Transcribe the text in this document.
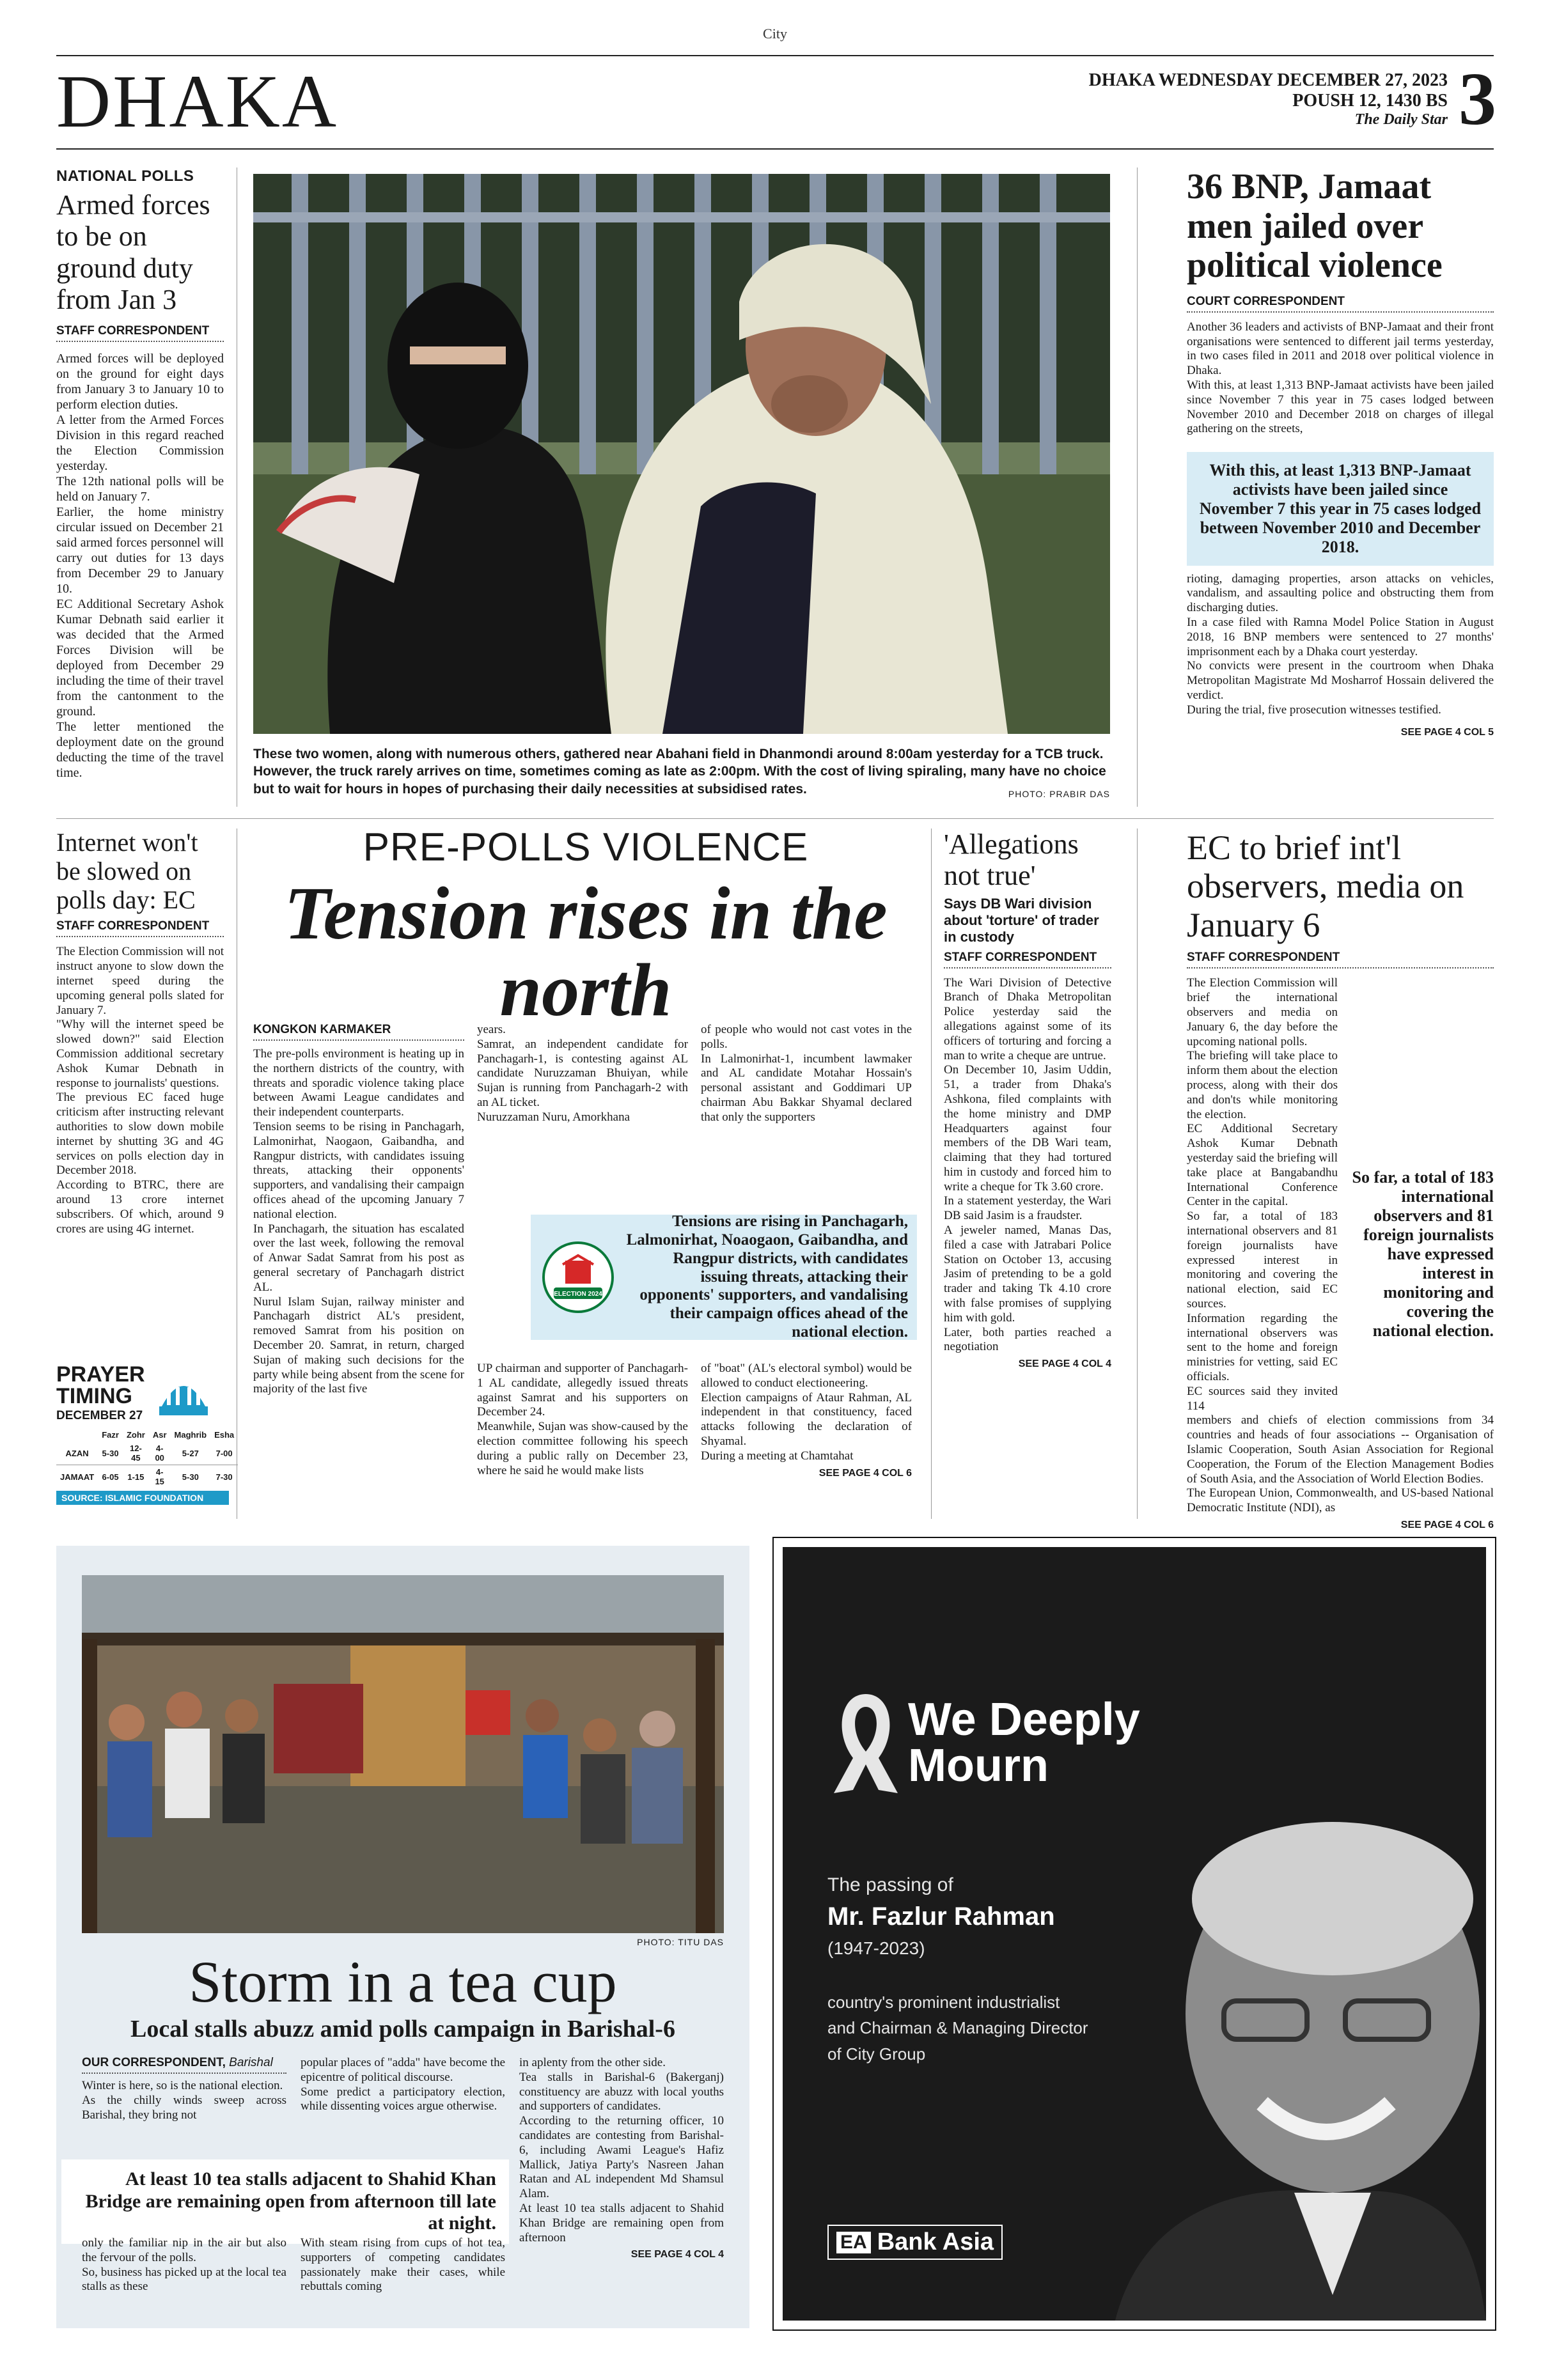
City
DHAKA	DHAKA WEDNESDAY DECEMBER 27, 2023
POUSH 12, 1430 BS
The Daily Star 3
NATIONAL POLLS
Armed forces to be on ground duty from Jan 3
STAFF CORRESPONDENT
Armed forces will be deployed on the ground for eight days from January 3 to January 10 to perform election duties.
A letter from the Armed Forces Division in this regard reached the Election Commission yesterday.
The 12th national polls will be held on January 7.
Earlier, the home ministry circular issued on December 21 said armed forces personnel will carry out duties for 13 days from December 29 to January 10.
EC Additional Secretary Ashok Kumar Debnath said earlier it was decided that the Armed Forces Division will be deployed from December 29 including the time of their travel from the cantonment to the ground.
The letter mentioned the deployment date on the ground deducting the time of the travel time.
These two women, along with numerous others, gathered near Abahani field in Dhanmondi around 8:00am yesterday for a TCB truck. However, the truck rarely arrives on time, sometimes coming as late as 2:00pm. With the cost of living spiraling, many have no choice but to wait for hours in hopes of purchasing their daily necessities at subsidised rates.	PHOTO: PRABIR DAS
36 BNP, Jamaat men jailed over political violence
COURT CORRESPONDENT
Another 36 leaders and activists of BNP-Jamaat and their front organisations were sentenced to different jail terms yesterday, in two cases filed in 2011 and 2018 over political violence in Dhaka.
With this, at least 1,313 BNP-Jamaat activists have been jailed since November 7 this year in 75 cases lodged between November 2010 and December 2018 on charges of illegal gathering on the streets,
With this, at least 1,313 BNP-Jamaat activists have been jailed since November 7 this year in 75 cases lodged between November 2010 and December 2018.
rioting, damaging properties, arson attacks on vehicles, vandalism, and assaulting police and obstructing them from discharging duties.
In a case filed with Ramna Model Police Station in August 2018, 16 BNP members were sentenced to 27 months' imprisonment each by a Dhaka court yesterday.
No convicts were present in the courtroom when Dhaka Metropolitan Magistrate Md Mosharrof Hossain delivered the verdict.
During the trial, five prosecution witnesses testified.
SEE PAGE 4 COL 5
Internet won't be slowed on polls day: EC
STAFF CORRESPONDENT
The Election Commission will not instruct anyone to slow down the internet speed during the upcoming general polls slated for January 7.
"Why will the internet speed be slowed down?" said Election Commission additional secretary Ashok Kumar Debnath in response to journalists' questions.
The previous EC faced huge criticism after instructing relevant authorities to slow down mobile internet by shutting 3G and 4G services on polls election day in December 2018.
According to BTRC, there are around 13 crore internet subscribers. Of which, around 9 crores are using 4G internet.
PRAYER
TIMING
DECEMBER 27
	Fazr	Zohr	Asr	Maghrib	Esha
AZAN	5-30	12-45	4-00	5-27	7-00
JAMAAT	6-05	1-15	4-15	5-30	7-30
SOURCE: ISLAMIC FOUNDATION
PRE-POLLS VIOLENCE
Tension rises in the north
KONGKON KARMAKER
The pre-polls environment is heating up in the northern districts of the country, with threats and sporadic violence taking place between Awami League candidates and their independent counterparts.
Tension seems to be rising in Panchagarh, Lalmonirhat, Naogaon, Gaibandha, and Rangpur districts, with candidates issuing threats, attacking their opponents' supporters, and vandalising their campaign offices ahead of the upcoming January 7 national election.
In Panchagarh, the situation has escalated over the last week, following the removal of Anwar Sadat Samrat from his post as general secretary of Panchagarh district AL.
Nurul Islam Sujan, railway minister and Panchagarh district AL's president, removed Samrat from his position on December 20. Samrat, in return, charged Sujan of making such decisions for the party while being absent from the scene for majority of the last five
years.
Samrat, an independent candidate for Panchagarh-1, is contesting against AL candidate Nuruzzaman Bhuiyan, while Sujan is running from Panchagarh-2 with an AL ticket.
Nuruzzaman Nuru, Amorkhana
of people who would not cast votes in the polls.
In Lalmonirhat-1, incumbent lawmaker and AL candidate Motahar Hossain's personal assistant and Goddimari UP chairman Abu Bakkar Shyamal declared that only the supporters
ELECTION 2024
Tensions are rising in Panchagarh, Lalmonirhat, Noaogaon, Gaibandha, and Rangpur districts, with candidates issuing threats, attacking their opponents' supporters, and vandalising their campaign offices ahead of the national election.
UP chairman and supporter of Panchagarh-1 AL candidate, allegedly issued threats against Samrat and his supporters on December 24.
Meanwhile, Sujan was show-caused by the election committee following his speech during a public rally on December 23, where he said he would make lists
of "boat" (AL's electoral symbol) would be allowed to conduct electioneering.
Election campaigns of Ataur Rahman, AL independent in that constituency, faced attacks following the declaration of Shyamal.
During a meeting at Chamtahat
SEE PAGE 4 COL 6
'Allegations not true'
Says DB Wari division about 'torture' of trader in custody
STAFF CORRESPONDENT
The Wari Division of Detective Branch of Dhaka Metropolitan Police yesterday said the allegations against some of its officers of torturing and forcing a man to write a cheque are untrue.
On December 10, Jasim Uddin, 51, a trader from Dhaka's Ashkona, filed complaints with the home ministry and DMP Headquarters against four members of the DB Wari team, claiming that they had tortured him in custody and forced him to write a cheque for Tk 3.60 crore.
In a statement yesterday, the Wari DB said Jasim is a fraudster.
A jeweler named, Manas Das, filed a case with Jatrabari Police Station on October 13, accusing Jasim of pretending to be a gold trader and taking Tk 4.10 crore with false promises of supplying him with gold.
Later, both parties reached a negotiation
SEE PAGE 4 COL 4
EC to brief int'l observers, media on January 6
STAFF CORRESPONDENT
The Election Commission will brief the international observers and media on January 6, the day before the upcoming national polls.
The briefing will take place to inform them about the election process, along with their dos and don'ts while monitoring the election.
EC Additional Secretary Ashok Kumar Debnath yesterday said the briefing will take place at Bangabandhu International Conference Center in the capital.
So far, a total of 183 international observers and 81 foreign journalists have expressed interest in monitoring and covering the national election, said EC sources.
Information regarding the international observers was sent to the home and foreign ministries for vetting, said EC officials.
EC sources said they invited 114
So far, a total of 183 international observers and 81 foreign journalists have expressed interest in monitoring and covering the national election.
members and chiefs of election commissions from 34 countries and heads of four associations -- Organisation of Islamic Cooperation, South Asian Association for Regional Cooperation, the Forum of the Election Management Bodies of South Asia, and the Association of World Election Bodies.
The European Union, Commonwealth, and US-based National Democratic Institute (NDI), as
SEE PAGE 4 COL 6
PHOTO: TITU DAS
Storm in a tea cup
Local stalls abuzz amid polls campaign in Barishal-6
OUR CORRESPONDENT, Barishal
Winter is here, so is the national election.
As the chilly winds sweep across Barishal, they bring not
popular places of "adda" have become the epicentre of political discourse.
Some predict a participatory election, while dissenting voices argue otherwise.
in aplenty from the other side.
Tea stalls in Barishal-6 (Bakerganj) constituency are abuzz with local youths and supporters of candidates.
According to the returning officer, 10 candidates are contesting from Barishal-6, including Awami League's Hafiz Mallick, Jatiya Party's Nasreen Jahan Ratan and AL independent Md Shamsul Alam.
At least 10 tea stalls adjacent to Shahid Khan Bridge are remaining open from afternoon
SEE PAGE 4 COL 4
At least 10 tea stalls adjacent to Shahid Khan Bridge are remaining open from afternoon till late at night.
only the familiar nip in the air but also the fervour of the polls.
So, business has picked up at the local tea stalls as these
With steam rising from cups of hot tea, supporters of competing candidates passionately make their cases, while rebuttals coming
We Deeply
Mourn
The passing of
Mr. Fazlur Rahman
(1947-2023)
country's prominent industrialist
and Chairman & Managing Director
of City Group
EA Bank Asia
